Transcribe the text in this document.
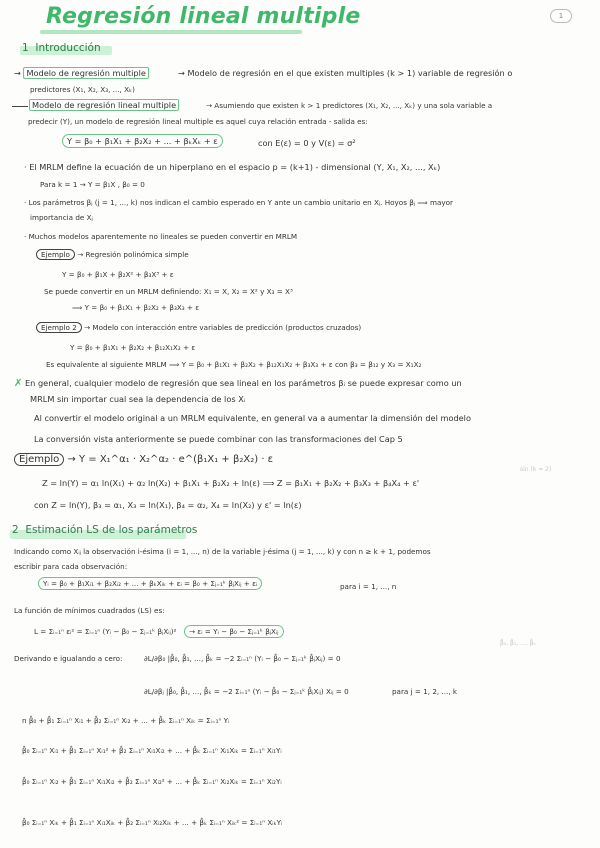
Regresión lineal multiple	1
1 Introducción
→ Modelo de regresión multiple	→ Modelo de regresión en el que existen multiples (k > 1) variable de regresión o
predictores (X₁, X₂, X₃, ..., Xₖ)
Modelo de regresión lineal multiple	→ Asumiendo que existen k > 1 predictores (X₁, X₂, ..., Xₖ) y una sola variable a
predecir (Y), un modelo de regresión lineal multiple es aquel cuya relación entrada - salida es:
Y = β₀ + β₁X₁ + β₂X₂ + ... + βₖXₖ + ε	con E(ε) = 0 y V(ε) = σ²
· El MRLM define la ecuación de un hiperplano en el espacio p = (k+1) - dimensional (Y, X₁, X₂, ..., Xₖ)
Para k = 1 ⇝ Y = β₁X , β₀ = 0
· Los parámetros βⱼ (j = 1, ..., k) nos indican el cambio esperado en Y ante un cambio unitario en Xⱼ. Hoyos βⱼ ⟹ mayor
importancia de Xⱼ
· Muchos modelos aparentemente no lineales se pueden convertir en MRLM
Ejemplo → Regresión polinómica simple
Y = β₀ + β₁X + β₂X² + β₃X³ + ε
Se puede convertir en un MRLM definiendo: X₁ = X, X₂ = X² y X₃ = X³
⟹ Y = β₀ + β₁X₁ + β₂X₂ + β₃X₃ + ε
Ejemplo 2 → Modelo con interacción entre variables de predicción (productos cruzados)
Y = β₀ + β₁X₁ + β₂X₂ + β₁₂X₁X₂ + ε
Es equivalente al siguiente MRLM ⟹ Y = β₀ + β₁X₁ + β₂X₂ + β₁₂X₁X₂ + β₃X₃ + ε con β₃ = β₁₂ y X₃ = X₁X₂
✗ En general, cualquier modelo de regresión que sea lineal en los parámetros βᵢ se puede expresar como un
MRLM sin importar cual sea la dependencia de los Xᵢ
Al convertir el modelo original a un MRLM equivalente, en general va a aumentar la dimensión del modelo
La conversión vista anteriormente se puede combinar con las transformaciones del Cap 5
Ejemplo → Y = X₁^α₁ · X₂^α₂ · e^(β₁X₁ + β₂X₂) · ε
sin (k = 2)
Z = ln(Y) = α₁ ln(X₁) + α₂ ln(X₂) + β₁X₁ + β₂X₂ + ln(ε) ⟹ Z = β₁X₁ + β₂X₂ + β₃X₃ + β₄X₄ + ε'
con Z = ln(Y), β₃ = α₁, X₃ = ln(X₁), β₄ = α₂, X₄ = ln(X₂) y ε' = ln(ε)
2 Estimación LS de los parámetros
Indicando como Xᵢⱼ la observación i-ésima (i = 1, ..., n) de la variable j-ésima (j = 1, ..., k) y con n ≥ k + 1, podemos
escribir para cada observación:
Yᵢ = β₀ + β₁Xᵢ₁ + β₂Xᵢ₂ + ... + βₖXᵢₖ + εᵢ = β₀ + Σⱼ₌₁ᵏ βⱼXᵢⱼ + εᵢ	para i = 1, ..., n
La función de mínimos cuadrados (LS) es:
L = Σᵢ₌₁ⁿ εᵢ² = Σᵢ₌₁ⁿ (Yᵢ − β₀ − Σⱼ₌₁ᵏ βⱼXᵢⱼ)²	→ εᵢ = Yᵢ − β₀ − Σⱼ₌₁ᵏ βⱼXᵢⱼ
β̂₀, β̂₁, ..., β̂ₖ
Derivando e igualando a cero:	∂L/∂β₀ |β̂₀, β̂₁, ..., β̂ₖ = −2 Σᵢ₌₁ⁿ (Yᵢ − β̂₀ − Σⱼ₌₁ᵏ β̂ⱼXᵢⱼ) = 0
∂L/∂βⱼ |β̂₀, β̂₁, ..., β̂ₖ = −2 Σᵢ₌₁ⁿ (Yᵢ − β̂₀ − Σⱼ₌₁ᵏ β̂ⱼXᵢⱼ) Xᵢⱼ = 0	para j = 1, 2, ..., k
n β̂₀ + β̂₁ Σᵢ₌₁ⁿ Xᵢ₁ + β̂₂ Σᵢ₌₁ⁿ Xᵢ₂ + ... + β̂ₖ Σᵢ₌₁ⁿ Xᵢₖ = Σᵢ₌₁ⁿ Yᵢ
β̂₀ Σᵢ₌₁ⁿ Xᵢ₁ + β̂₁ Σᵢ₌₁ⁿ Xᵢ₁² + β̂₂ Σᵢ₌₁ⁿ Xᵢ₁Xᵢ₂ + ... + β̂ₖ Σᵢ₌₁ⁿ Xᵢ₁Xᵢₖ = Σᵢ₌₁ⁿ Xᵢ₁Yᵢ
β̂₀ Σᵢ₌₁ⁿ Xᵢ₂ + β̂₁ Σᵢ₌₁ⁿ Xᵢ₁Xᵢ₂ + β̂₂ Σᵢ₌₁ⁿ Xᵢ₂² + ... + β̂ₖ Σᵢ₌₁ⁿ Xᵢ₂Xᵢₖ = Σᵢ₌₁ⁿ Xᵢ₂Yᵢ
β̂₀ Σᵢ₌₁ⁿ Xᵢₖ + β̂₁ Σᵢ₌₁ⁿ Xᵢ₁Xᵢₖ + β̂₂ Σᵢ₌₁ⁿ Xᵢ₂Xᵢₖ + ... + β̂ₖ Σᵢ₌₁ⁿ Xᵢₖ² = Σᵢ₌₁ⁿ XᵢₖYᵢ
